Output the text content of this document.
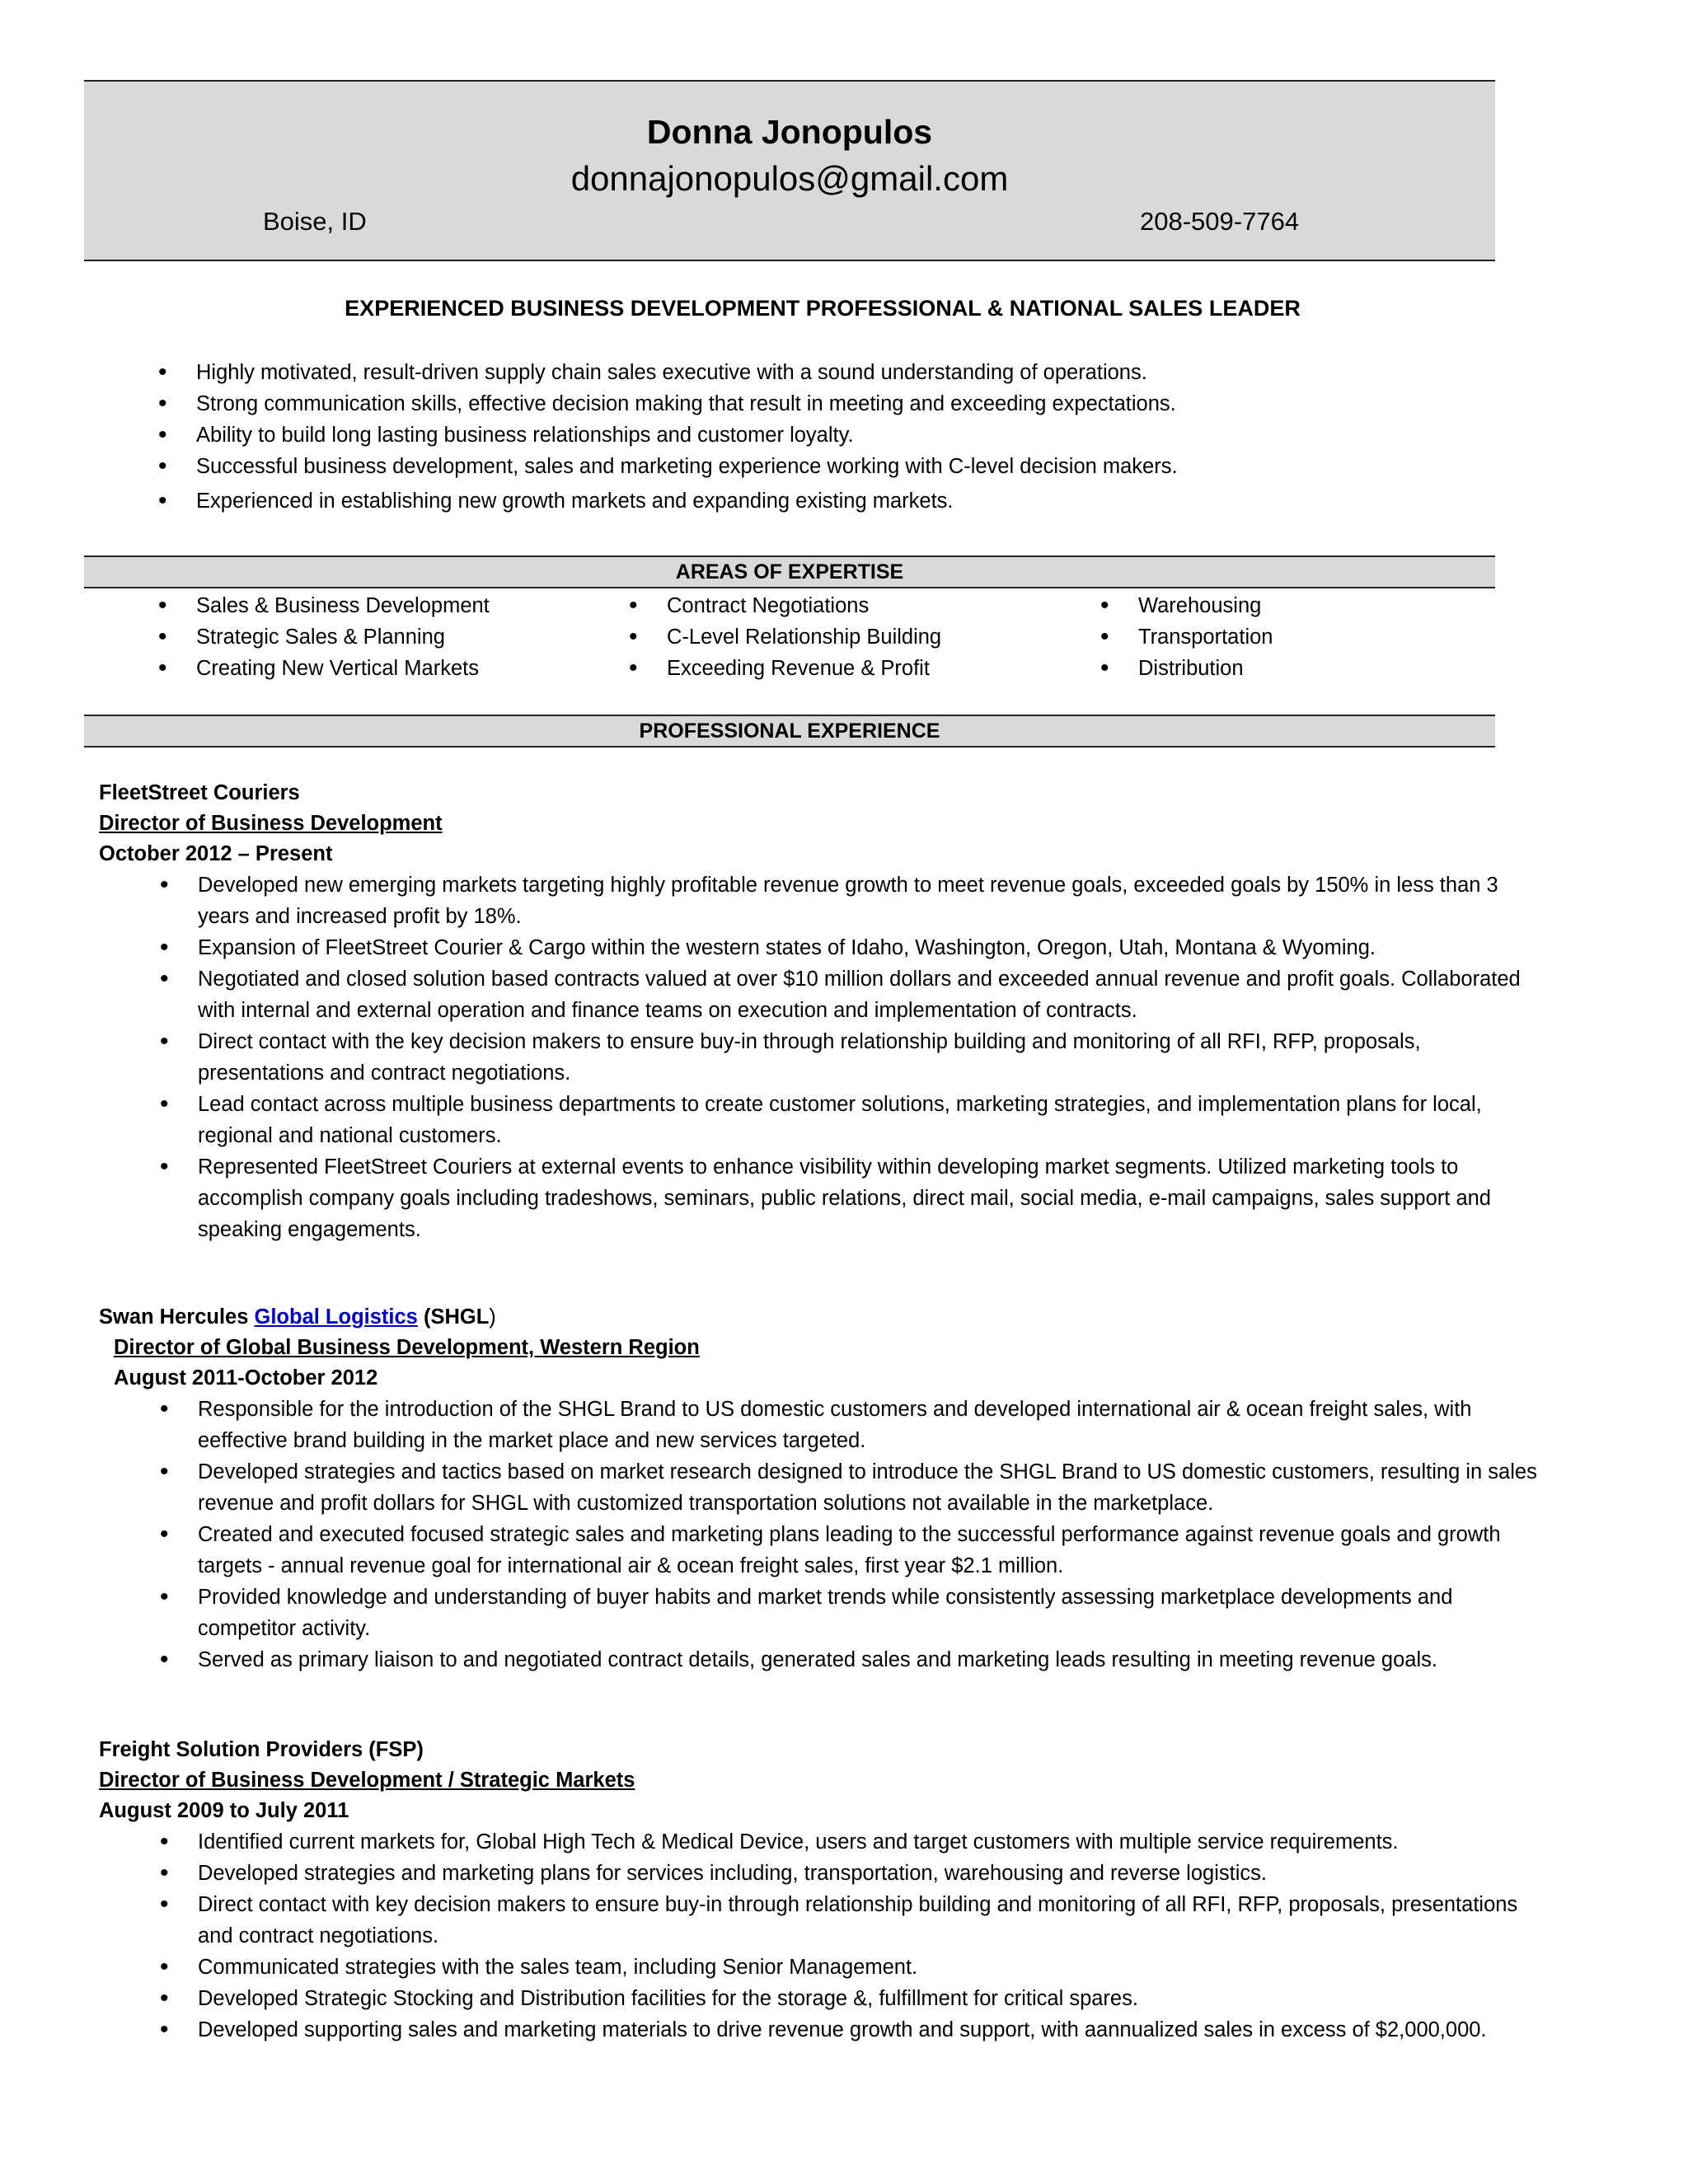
Donna Jonopulos
donnajonopulos@gmail.com
Boise, ID	208-509-7764
EXPERIENCED BUSINESS DEVELOPMENT PROFESSIONAL & NATIONAL SALES LEADER
• Highly motivated, result-driven supply chain sales executive with a sound understanding of operations.
• Strong communication skills, effective decision making that result in meeting and exceeding expectations.
• Ability to build long lasting business relationships and customer loyalty.
• Successful business development, sales and marketing experience working with C-level decision makers.
• Experienced in establishing new growth markets and expanding existing markets.
AREAS OF EXPERTISE
• Sales & Business Development
• Strategic Sales & Planning
• Creating New Vertical Markets
• Contract Negotiations
• C-Level Relationship Building
• Exceeding Revenue & Profit
• Warehousing
• Transportation
• Distribution
PROFESSIONAL EXPERIENCE
FleetStreet Couriers
Director of Business Development
October 2012 – Present
• Developed new emerging markets targeting highly profitable revenue growth to meet revenue goals, exceeded goals by 150% in less than 3 years and increased profit by 18%.
• Expansion of FleetStreet Courier & Cargo within the western states of Idaho, Washington, Oregon, Utah, Montana & Wyoming.
• Negotiated and closed solution based contracts valued at over $10 million dollars and exceeded annual revenue and profit goals. Collaborated with internal and external operation and finance teams on execution and implementation of contracts.
• Direct contact with the key decision makers to ensure buy-in through relationship building and monitoring of all RFI, RFP, proposals, presentations and contract negotiations.
• Lead contact across multiple business departments to create customer solutions, marketing strategies, and implementation plans for local, regional and national customers.
• Represented FleetStreet Couriers at external events to enhance visibility within developing market segments. Utilized marketing tools to accomplish company goals including tradeshows, seminars, public relations, direct mail, social media, e-mail campaigns, sales support and speaking engagements.
Swan Hercules Global Logistics (SHGL)
Director of Global Business Development, Western Region
August 2011-October 2012
• Responsible for the introduction of the SHGL Brand to US domestic customers and developed international air & ocean freight sales, with eeffective brand building in the market place and new services targeted.
• Developed strategies and tactics based on market research designed to introduce the SHGL Brand to US domestic customers, resulting in sales revenue and profit dollars for SHGL with customized transportation solutions not available in the marketplace.
• Created and executed focused strategic sales and marketing plans leading to the successful performance against revenue goals and growth targets - annual revenue goal for international air & ocean freight sales, first year $2.1 million.
• Provided knowledge and understanding of buyer habits and market trends while consistently assessing marketplace developments and competitor activity.
• Served as primary liaison to and negotiated contract details, generated sales and marketing leads resulting in meeting revenue goals.
Freight Solution Providers (FSP)
Director of Business Development / Strategic Markets
August 2009 to July 2011
• Identified current markets for, Global High Tech & Medical Device, users and target customers with multiple service requirements.
• Developed strategies and marketing plans for services including, transportation, warehousing and reverse logistics.
• Direct contact with key decision makers to ensure buy-in through relationship building and monitoring of all RFI, RFP, proposals, presentations and contract negotiations.
• Communicated strategies with the sales team, including Senior Management.
• Developed Strategic Stocking and Distribution facilities for the storage &, fulfillment for critical spares.
• Developed supporting sales and marketing materials to drive revenue growth and support, with aannualized sales in excess of $2,000,000.
